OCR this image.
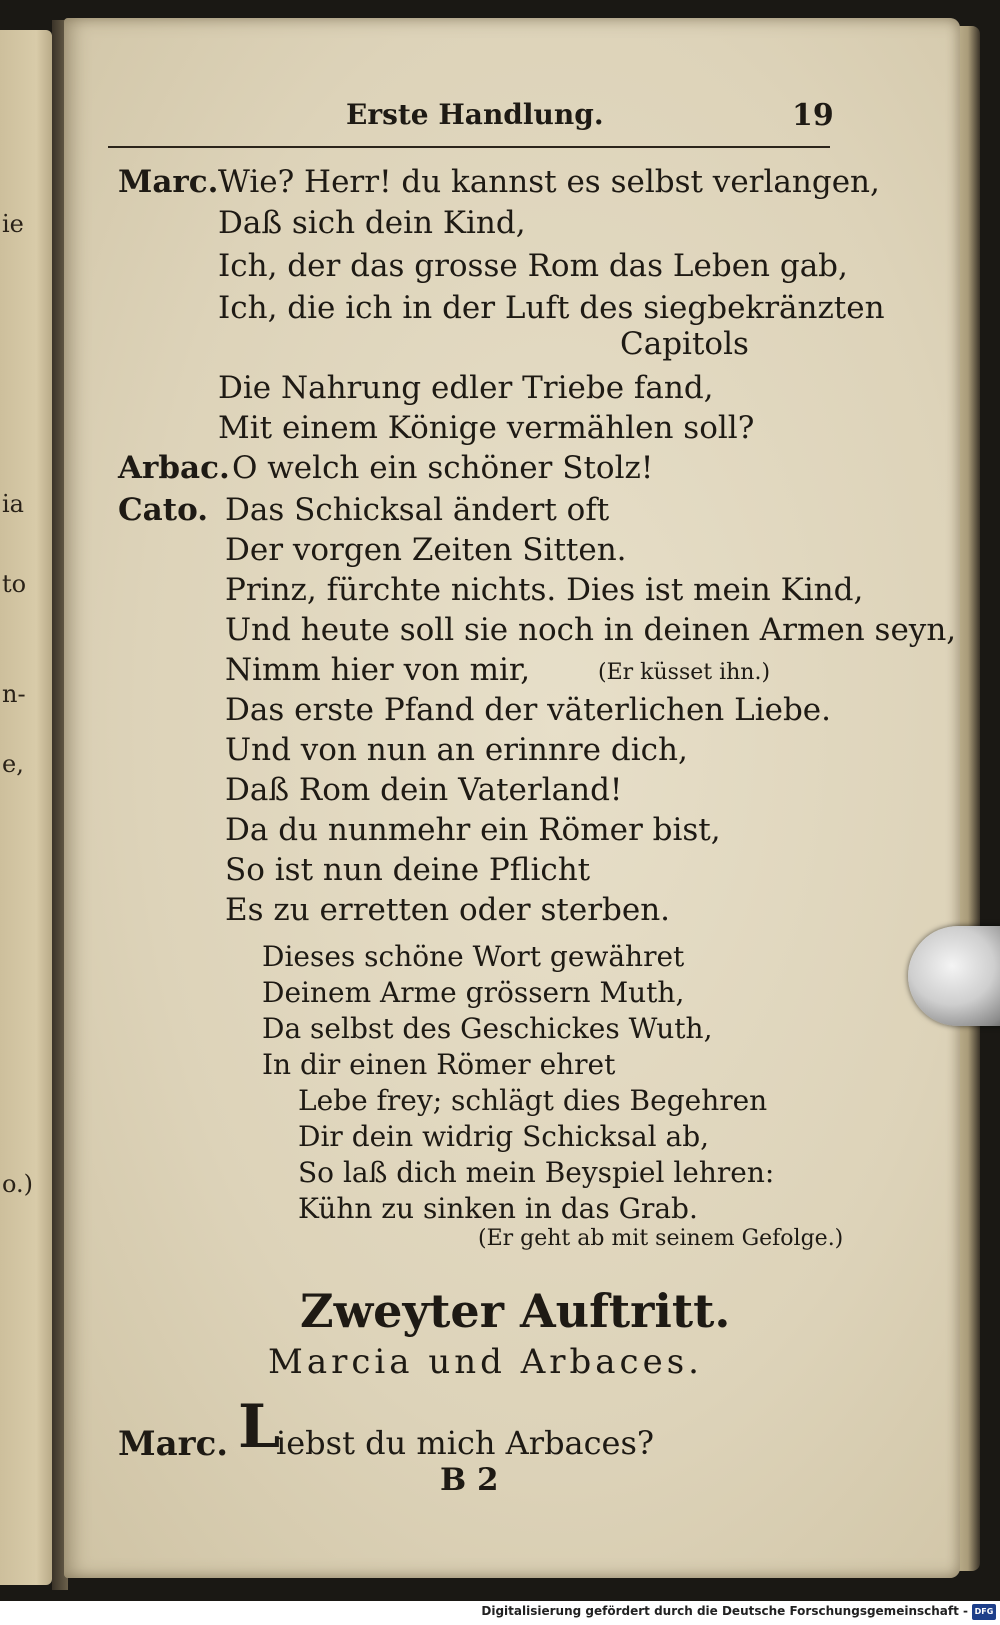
ie
ia
to
n-
e,
o.)
Erste Handlung.	19
Marc. Wie? Herr! du kannst es selbst verlangen,
Daß sich dein Kind,
Ich, der das grosse Rom das Leben gab,
Ich, die ich in der Luft des siegbekränzten
Capitols
Die Nahrung edler Triebe fand,
Mit einem Könige vermählen soll?
Arbac. O welch ein schöner Stolz!
Cato. Das Schicksal ändert oft
Der vorgen Zeiten Sitten.
Prinz, fürchte nichts. Dies ist mein Kind,
Und heute soll sie noch in deinen Armen seyn,
Nimm hier von mir,	(Er küsset ihn.)
Das erste Pfand der väterlichen Liebe.
Und von nun an erinnre dich,
Daß Rom dein Vaterland!
Da du nunmehr ein Römer bist,
So ist nun deine Pflicht
Es zu erretten oder sterben.
Dieses schöne Wort gewähret
Deinem Arme grössern Muth,
Da selbst des Geschickes Wuth,
In dir einen Römer ehret
Lebe frey; schlägt dies Begehren
Dir dein widrig Schicksal ab,
So laß dich mein Beyspiel lehren:
Kühn zu sinken in das Grab.
(Er geht ab mit seinem Gefolge.)
Zweyter Auftritt.
Marcia und Arbaces.
Marc. L
iebst du mich Arbaces?
B 2
Digitalisierung gefördert durch die Deutsche Forschungsgemeinschaft - DFG
